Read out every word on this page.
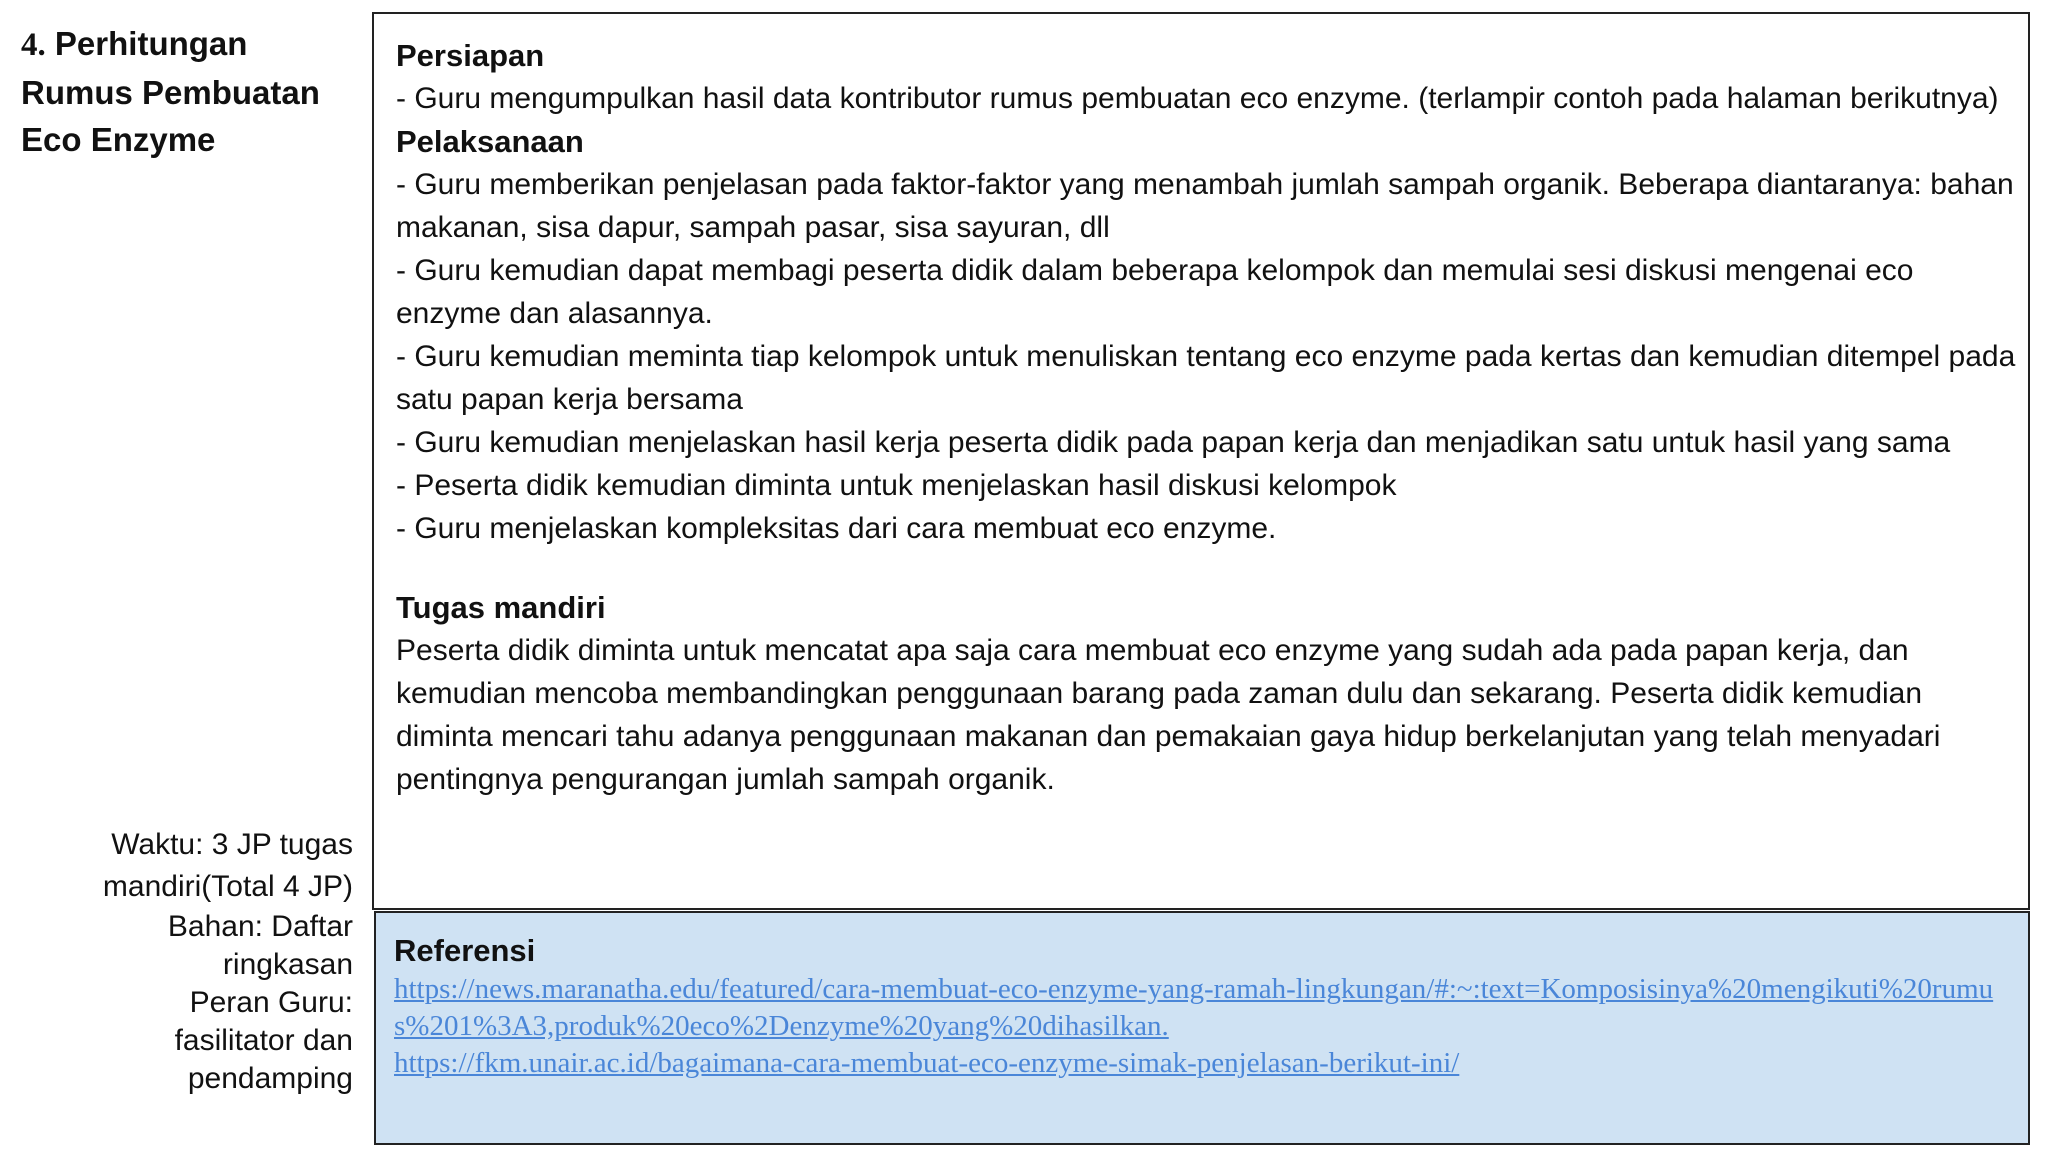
4. Perhitungan Rumus Pembuatan Eco Enzyme
Waktu: 3 JP tugas
mandiri(Total 4 JP)
Bahan: Daftar
ringkasan
Peran Guru:
fasilitator dan
pendamping
Persiapan
- Guru mengumpulkan hasil data kontributor rumus pembuatan eco enzyme. (terlampir contoh pada halaman berikutnya)
Pelaksanaan
- Guru memberikan penjelasan pada faktor-faktor yang menambah jumlah sampah organik. Beberapa diantaranya: bahan makanan, sisa dapur, sampah pasar, sisa sayuran, dll
- Guru kemudian dapat membagi peserta didik dalam beberapa kelompok dan memulai sesi diskusi mengenai eco enzyme dan alasannya.
- Guru kemudian meminta tiap kelompok untuk menuliskan tentang eco enzyme pada kertas dan kemudian ditempel pada satu papan kerja bersama
- Guru kemudian menjelaskan hasil kerja peserta didik pada papan kerja dan menjadikan satu untuk hasil yang sama
- Peserta didik kemudian diminta untuk menjelaskan hasil diskusi kelompok
- Guru menjelaskan kompleksitas dari cara membuat eco enzyme.
Tugas mandiri
Peserta didik diminta untuk mencatat apa saja cara membuat eco enzyme yang sudah ada pada papan kerja, dan kemudian mencoba membandingkan penggunaan barang pada zaman dulu dan sekarang. Peserta didik kemudian diminta mencari tahu adanya penggunaan makanan dan pemakaian gaya hidup berkelanjutan yang telah menyadari pentingnya pengurangan jumlah sampah organik.
Referensi
https://news.maranatha.edu/featured/cara-membuat-eco-enzyme-yang-ramah-lingkungan/#:~:text=Komposisinya%20mengikuti%20rumus%201%3A3,produk%20eco%2Denzyme%20yang%20dihasilkan.
https://fkm.unair.ac.id/bagaimana-cara-membuat-eco-enzyme-simak-penjelasan-berikut-ini/
